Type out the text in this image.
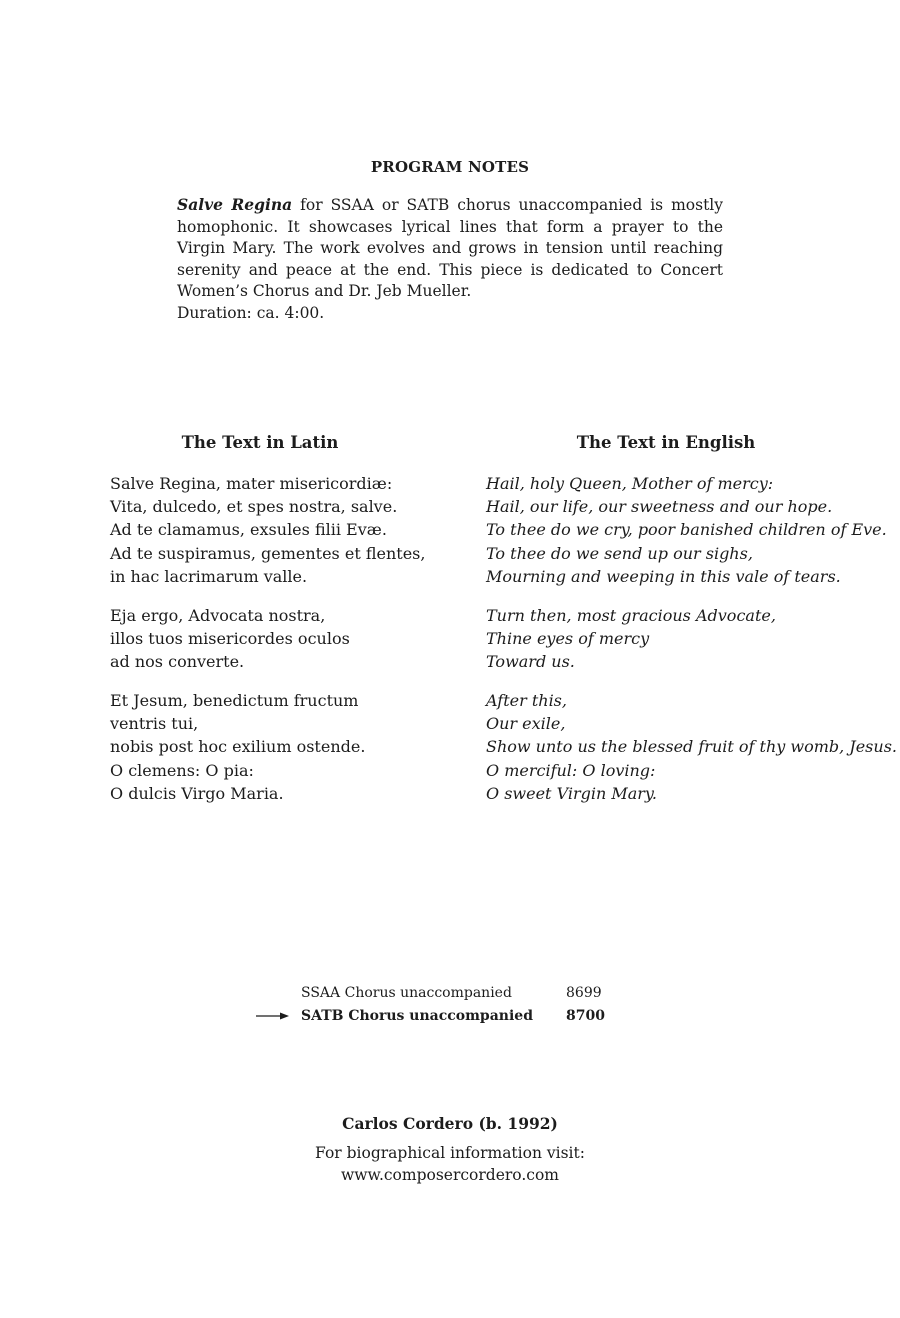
PROGRAM NOTES
Salve Regina for SSAA or SATB chorus unaccompanied is mostly homophonic. It showcases lyrical lines that form a prayer to the Virgin Mary. The work evolves and grows in tension until reaching serenity and peace at the end. This piece is dedicated to Concert Women’s Chorus and Dr. Jeb Mueller.
Duration: ca. 4:00.
The Text in Latin	The Text in English
Salve Regina, mater misericordiæ:
Vita, dulcedo, et spes nostra, salve.
Ad te clamamus, exsules filii Evæ.
Ad te suspiramus, gementes et flentes,
in hac lacrimarum valle.
Eja ergo, Advocata nostra,
illos tuos misericordes oculos
ad nos converte.
Et Jesum, benedictum fructum
ventris tui,
nobis post hoc exilium ostende.
O clemens: O pia:
O dulcis Virgo Maria.
Hail, holy Queen, Mother of mercy:
Hail, our life, our sweetness and our hope.
To thee do we cry, poor banished children of Eve.
To thee do we send up our sighs,
Mourning and weeping in this vale of tears.
Turn then, most gracious Advocate,
Thine eyes of mercy
Toward us.
After this,
Our exile,
Show unto us the blessed fruit of thy womb, Jesus.
O merciful: O loving:
O sweet Virgin Mary.
SSAA Chorus unaccompanied	8699
SATB Chorus unaccompanied 8700
Carlos Cordero (b. 1992)
For biographical information visit:
www.composercordero.com
